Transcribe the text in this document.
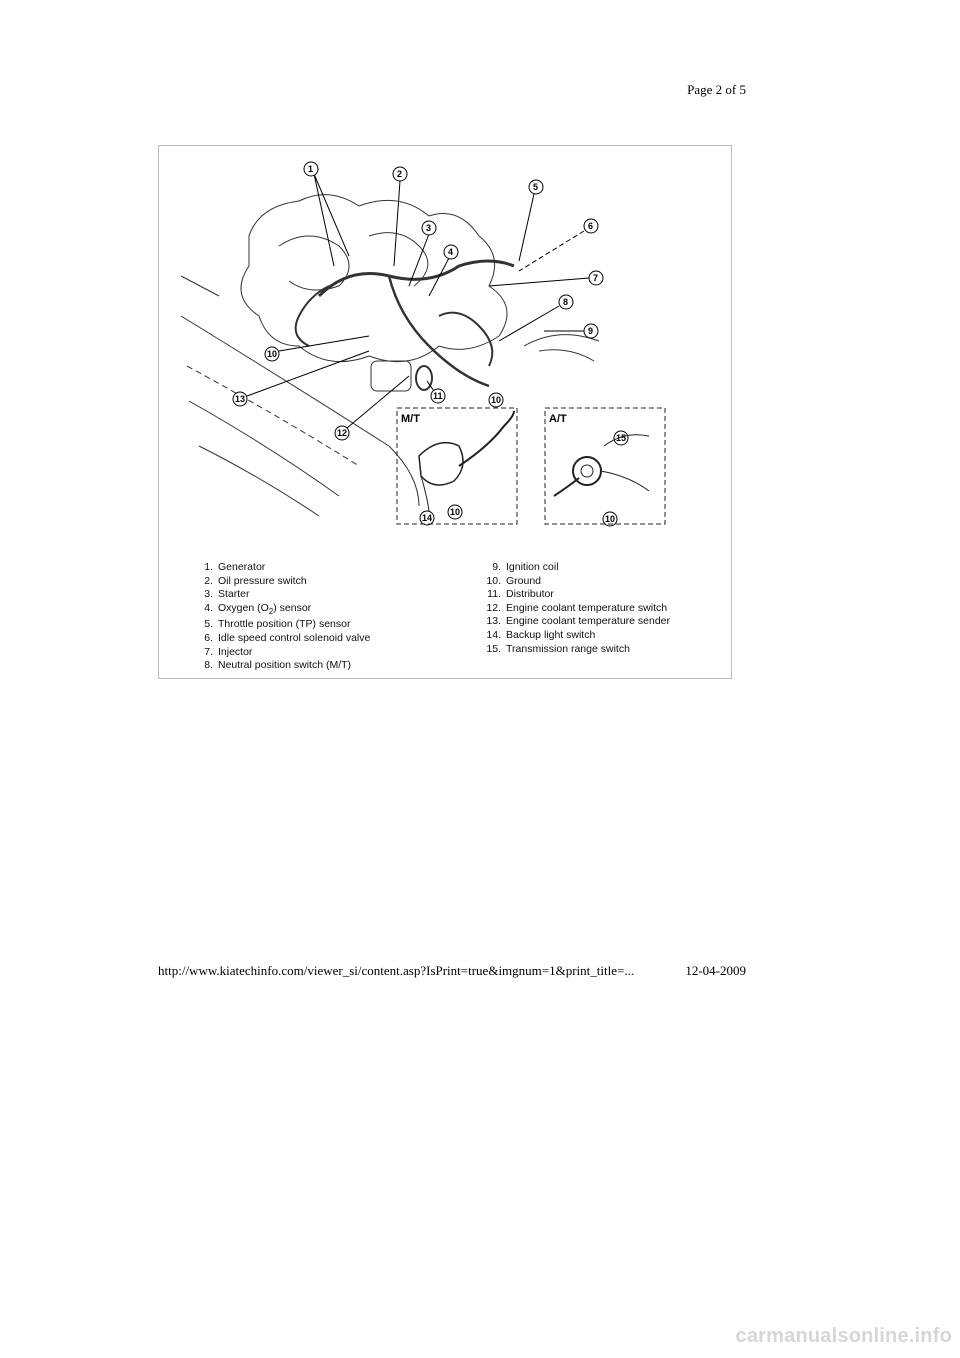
Page 2 of 5
1	2
3
4
5
6
7
8
9
10
11
12
13
14
10
10
15
10
M/T	A/T
1. Generator
2. Oil pressure switch
3. Starter
4. Oxygen $(O_2)$ sensor
5. Throttle position (TP) sensor
6. Idle speed control solenoid valve
7. Injector
8. Neutral position switch (M/T)
9. Ignition coil
10. Ground
11. Distributor
12. Engine coolant temperature switch
13. Engine coolant temperature sender
14. Backup light switch
15. Transmission range switch
http://www.kiatechinfo.com/viewer_si/content.asp?IsPrint=true&imgnum=1&print_title=...	12-04-2009
carmanualsonline.info
